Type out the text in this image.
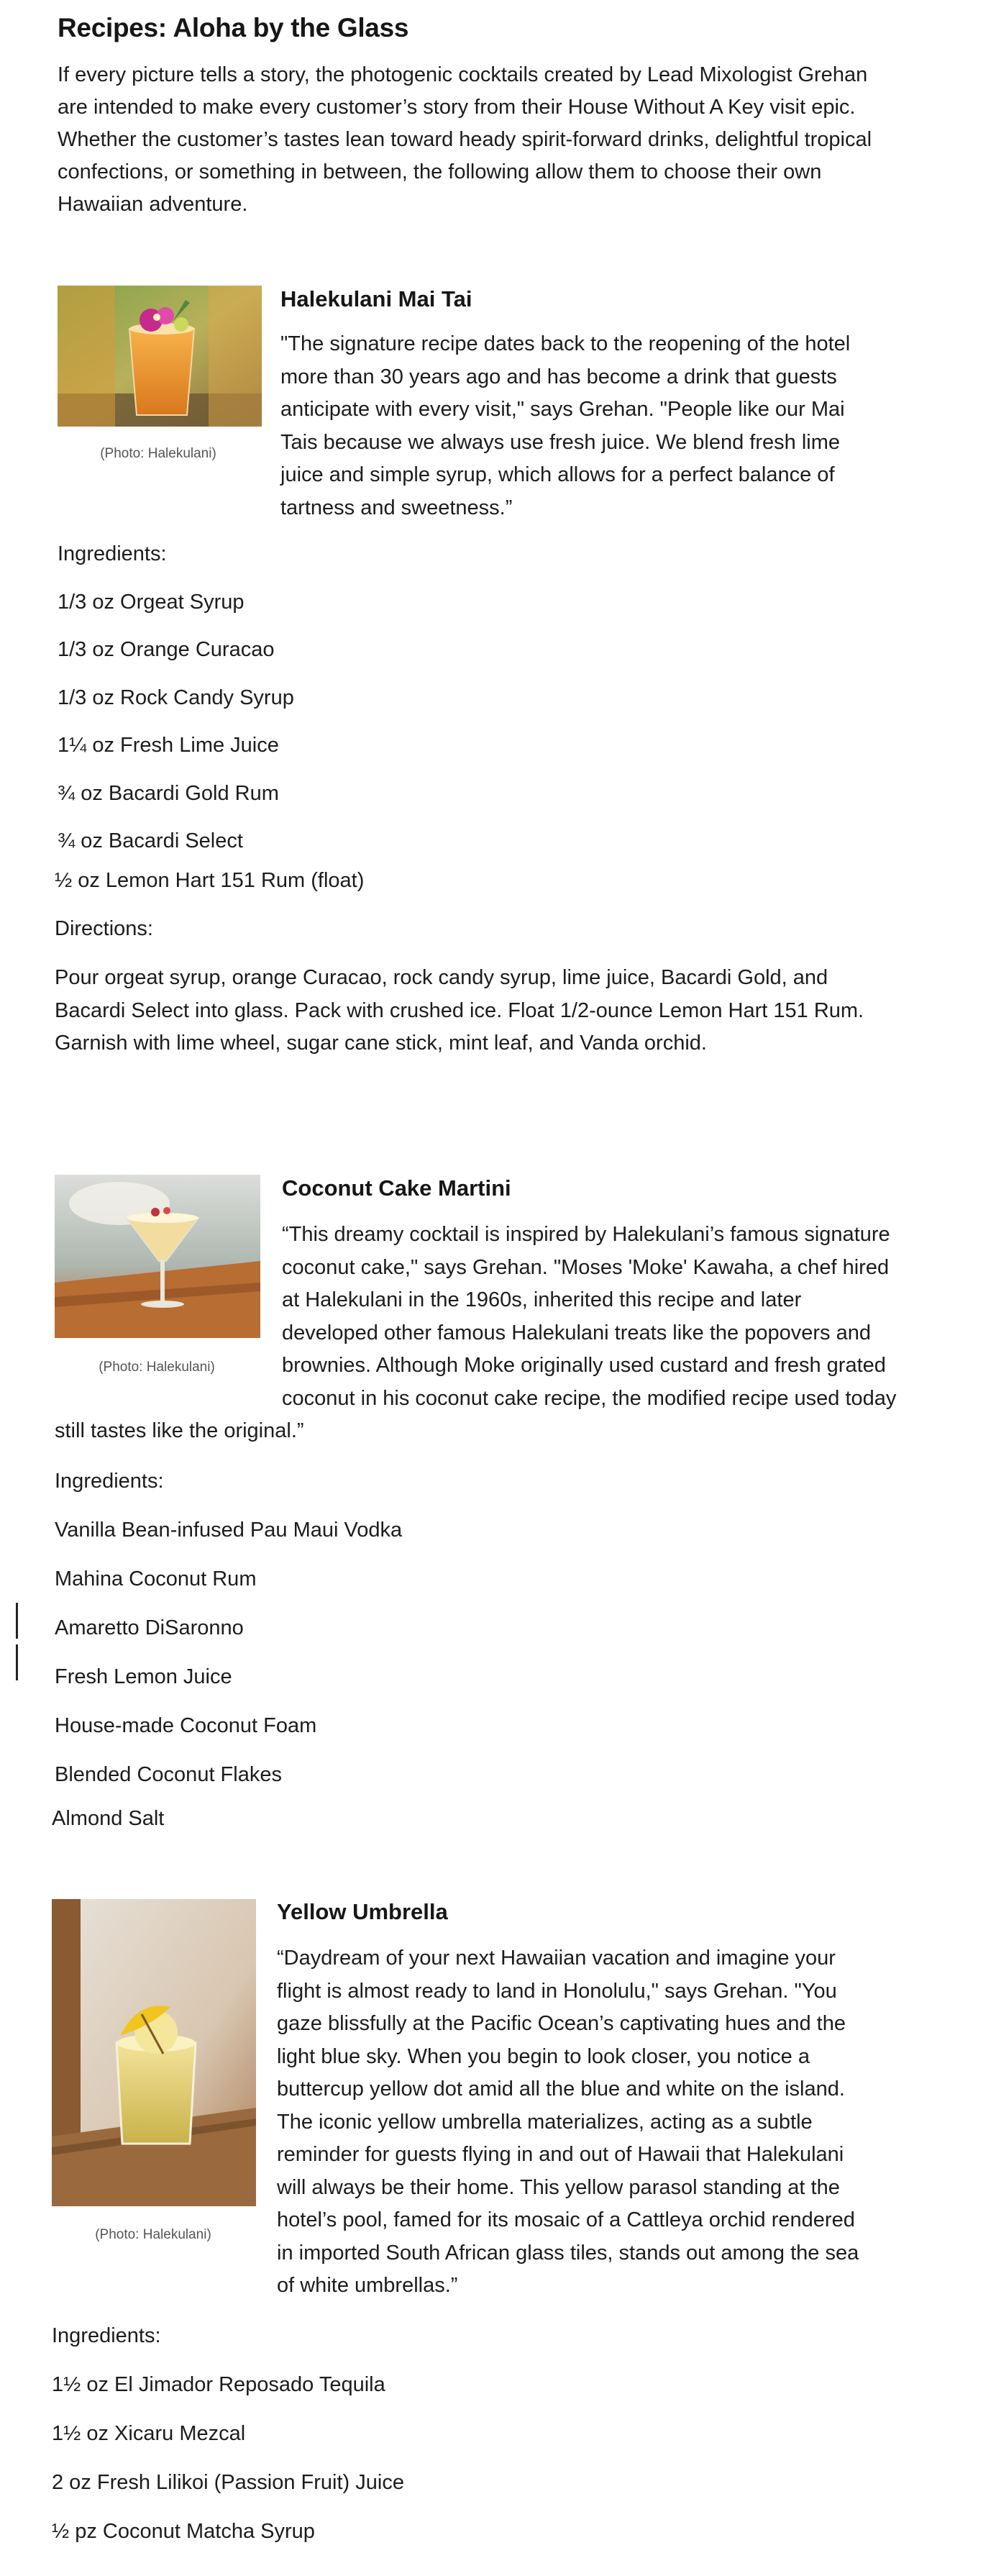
Recipes: Aloha by the Glass

If every picture tells a story, the photogenic cocktails created by Lead Mixologist Grehan are intended to make every customer’s story from their House Without A Key visit epic. Whether the customer’s tastes lean toward heady spirit-forward drinks, delightful tropical confections, or something in between, the following allow them to choose their own Hawaiian adventure.

(Photo: Halekulani)
Halekulani Mai Tai

"The signature recipe dates back to the reopening of the hotel more than 30 years ago and has become a drink that guests anticipate with every visit," says Grehan. "People like our Mai Tais because we always use fresh juice. We blend fresh lime juice and simple syrup, which allows for a perfect balance of tartness and sweetness.”

Ingredients:
1/3 oz Orgeat Syrup
1/3 oz Orange Curacao
1/3 oz Rock Candy Syrup
1¼ oz Fresh Lime Juice
¾ oz Bacardi Gold Rum
¾ oz Bacardi Select
½ oz Lemon Hart 151 Rum (float)
Directions:

Pour orgeat syrup, orange Curacao, rock candy syrup, lime juice, Bacardi Gold, and Bacardi Select into glass. Pack with crushed ice. Float 1/2-ounce Lemon Hart 151 Rum. Garnish with lime wheel, sugar cane stick, mint leaf, and Vanda orchid.

(Photo: Halekulani)
Coconut Cake Martini

“This dreamy cocktail is inspired by Halekulani’s famous signature coconut cake," says Grehan. "Moses 'Moke' Kawaha, a chef hired at Halekulani in the 1960s, inherited this recipe and later developed other famous Halekulani treats like the popovers and brownies. Although Moke originally used custard and fresh grated coconut in his coconut cake recipe, the modified recipe used today

Ingredients:
Vanilla Bean-infused Pau Maui Vodka
Mahina Coconut Rum
Amaretto DiSaronno
Fresh Lemon Juice
House-made Coconut Foam
Blended Coconut Flakes
Almond Salt
(Photo: Halekulani)
Yellow Umbrella

“Daydream of your next Hawaiian vacation and imagine your flight is almost ready to land in Honolulu," says Grehan. "You gaze blissfully at the Pacific Ocean’s captivating hues and the light blue sky. When you begin to look closer, you notice a buttercup yellow dot amid all the blue and white on the island. The iconic yellow umbrella materializes, acting as a subtle reminder for guests flying in and out of Hawaii that Halekulani will always be their home. This yellow parasol standing at the hotel’s pool, famed for its mosaic of a Cattleya orchid rendered in imported South African glass tiles, stands out among the sea of white umbrellas.”

Ingredients:
1½ oz El Jimador Reposado Tequila
1½ oz Xicaru Mezcal
2 oz Fresh Lilikoi (Passion Fruit) Juice
½ pz Coconut Matcha Syrup

still tastes like the original.”
